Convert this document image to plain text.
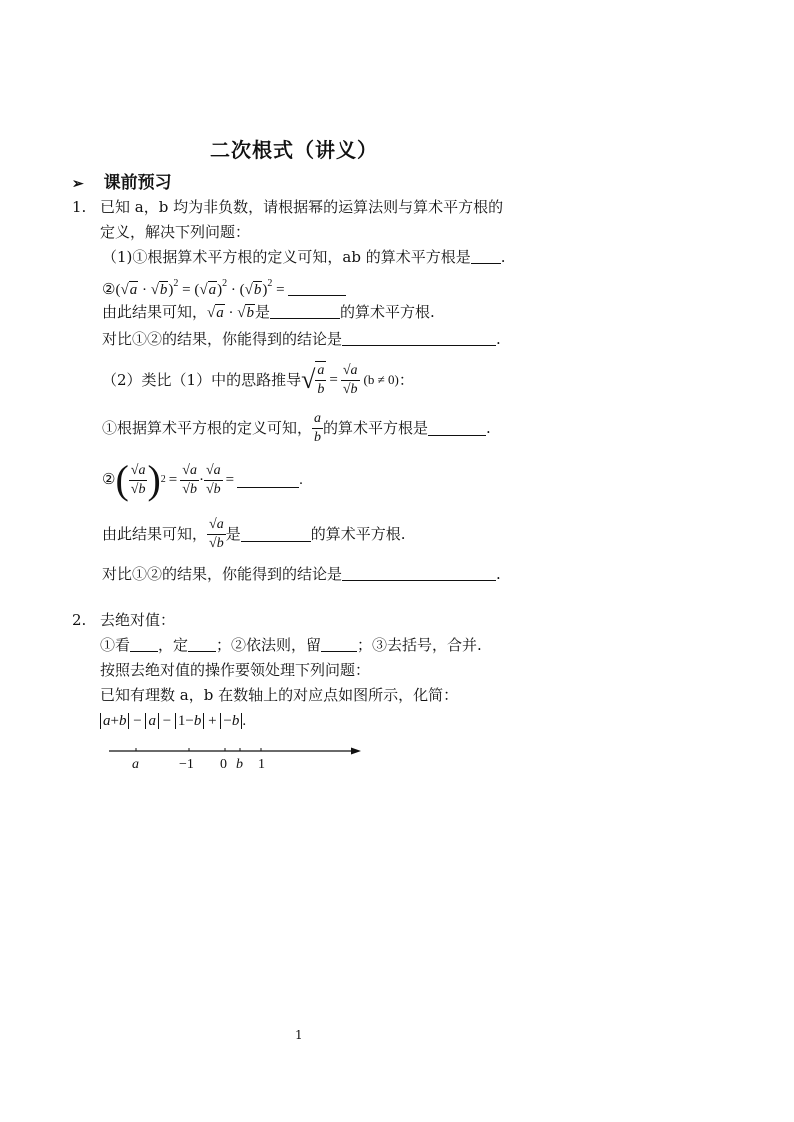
二次根式（讲义）
➢ 课前预习
1. 已知 a，b 均为非负数，请根据幂的运算法则与算术平方根的
定义，解决下列问题：
（1)①根据算术平方根的定义可知，ab 的算术平方根是 .
②(√a · $√b)^2 = (√a)^2 \cdot (√b)^2$ =
由此结果可知，√a · √b是	的算术平方根.
对比①②的结果，你能得到的结论是	.
（2）类比（1）中的思路推导 √ $\frac{a}{b} = \frac{√a}{√b} (b \ne 0)$ ：
①根据算术平方根的定义可知， $\frac{a}{b}$ 的算术平方根是	.
② ( $\frac{√a}{√b}$ ) $2 = \frac{√a}{√b} \cdot \frac{√a}{√b}$ =	.
由此结果可知， $\frac{√a}{√b}$ 是	的算术平方根.
对比①②的结果，你能得到的结论是	.
2. 去绝对值：
①看 ，定 ；②依法则，留 ；③去括号，合并.
按照去绝对值的操作要领处理下列问题：
已知有理数 a，b 在数轴上的对应点如图所示，化简：
a+b − a − 1−b + −b .
a	−1 0 b 1
1
